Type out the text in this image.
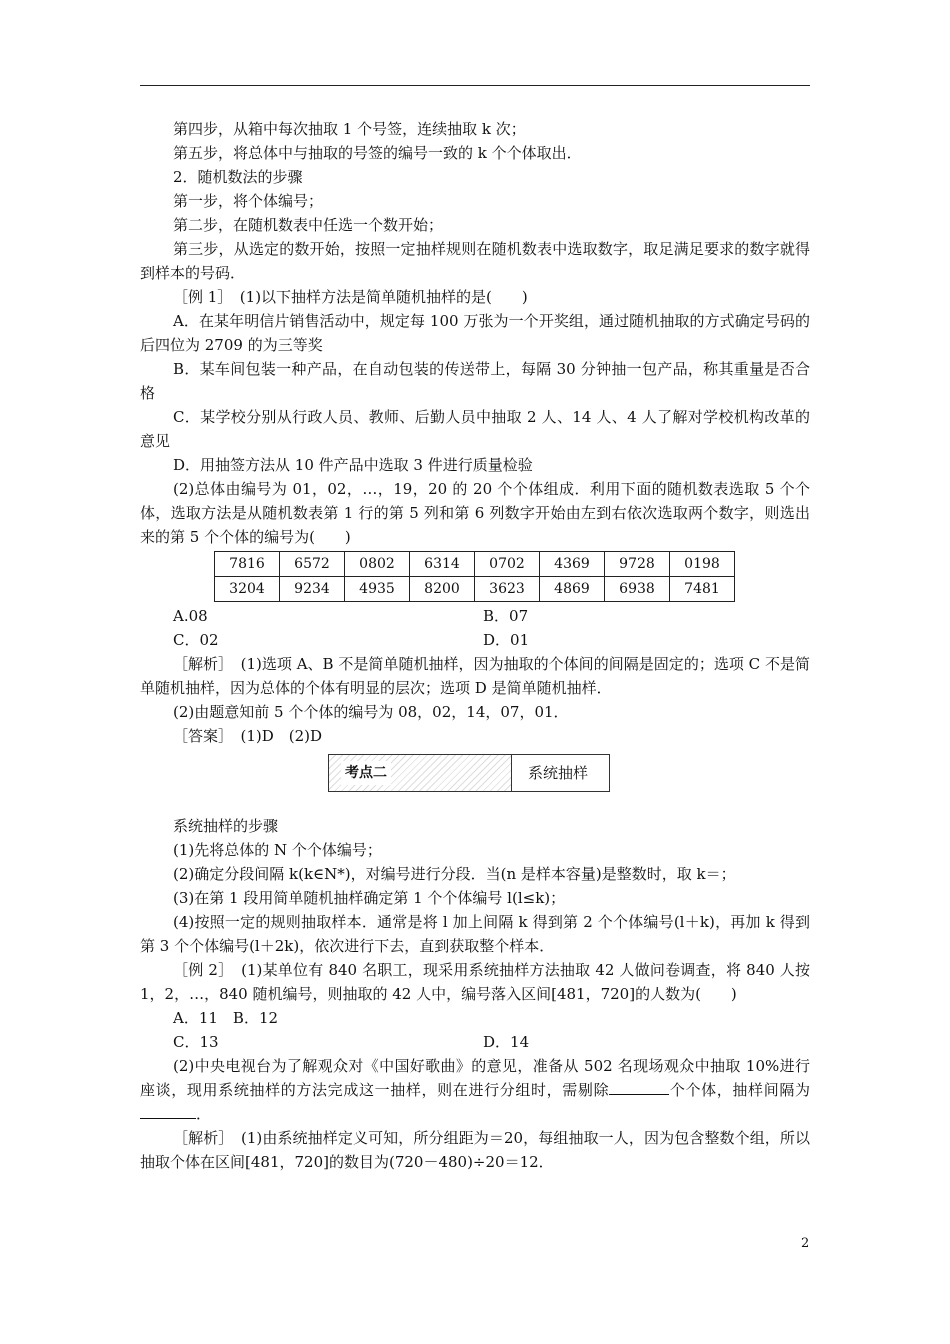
第四步，从箱中每次抽取 1 个号签，连续抽取 k 次；

第五步，将总体中与抽取的号签的编号一致的 k 个个体取出．

2．随机数法的步骤

第一步，将个体编号；

第二步，在随机数表中任选一个数开始；

第三步，从选定的数开始，按照一定抽样规则在随机数表中选取数字，取足满足要求的数字就得到样本的号码．

［例 1］　(1)以下抽样方法是简单随机抽样的是(　　)

A．在某年明信片销售活动中，规定每 100 万张为一个开奖组，通过随机抽取的方式确定号码的后四位为 2709 的为三等奖

B．某车间包装一种产品，在自动包装的传送带上，每隔 30 分钟抽一包产品，称其重量是否合格

C．某学校分别从行政人员、教师、后勤人员中抽取 2 人、14 人、4 人了解对学校机构改革的意见

D．用抽签方法从 10 件产品中选取 3 件进行质量检验

(2)总体由编号为 01，02，…，19，20 的 20 个个体组成．利用下面的随机数表选取 5 个个体，选取方法是从随机数表第 1 行的第 5 列和第 6 列数字开始由左到右依次选取两个数字，则选出来的第 5 个个体的编号为(　　)

7816	6572	0802	6314	0702	4369	9728	0198
3204	9234	4935	8200	3623	4869	6938	7481
A.08	B．07
C．02	D．01

［解析］　(1)选项 A、B 不是简单随机抽样，因为抽取的个体间的间隔是固定的；选项 C 不是简单随机抽样，因为总体的个体有明显的层次；选项 D 是简单随机抽样．

(2)由题意知前 5 个个体的编号为 08，02，14，07，01．

［答案］　(1)D　(2)D

考点二	系统抽样

系统抽样的步骤

(1)先将总体的 N 个个体编号；

(2)确定分段间隔 k(k∈N*)，对编号进行分段．当(n 是样本容量)是整数时，取 k＝；

(3)在第 1 段用简单随机抽样确定第 1 个个体编号 l(l≤k)；

(4)按照一定的规则抽取样本．通常是将 l 加上间隔 k 得到第 2 个个体编号(l＋k)，再加 k 得到第 3 个个体编号(l＋2k)，依次进行下去，直到获取整个样本．

［例 2］　(1)某单位有 840 名职工，现采用系统抽样方法抽取 42 人做问卷调查，将 840 人按 1，2，…，840 随机编号，则抽取的 42 人中，编号落入区间[481，720]的人数为(　　)

A．11　B．12
C．13	D．14

(2)中央电视台为了解观众对《中国好歌曲》的意见，准备从 502 名现场观众中抽取 10%进行座谈，现用系统抽样的方法完成这一抽样，则在进行分组时，需剔除	个个体，抽样间隔为．

［解析］　(1)由系统抽样定义可知，所分组距为＝20，每组抽取一人，因为包含整数个组，所以抽取个体在区间[481，720]的数目为(720－480)÷20＝12．

2
